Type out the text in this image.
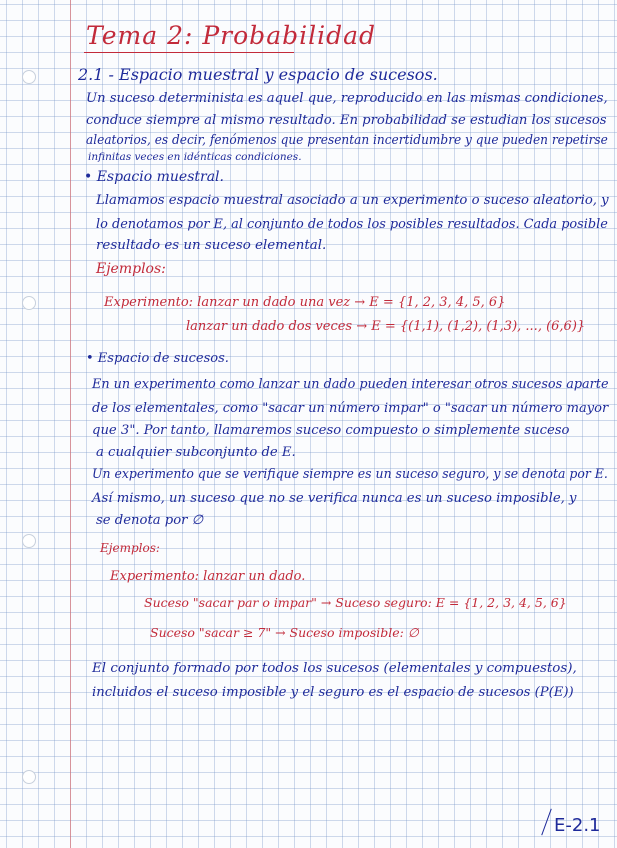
Tema 2: Probabilidad
2.1 - Espacio muestral y espacio de sucesos.
Un suceso determinista es aquel que, reproducido en las mismas condiciones,
conduce siempre al mismo resultado. En probabilidad se estudian los sucesos
aleatorios, es decir, fenómenos que presentan incertidumbre y que pueden repetirse
infinitas veces en idénticas condiciones.
• Espacio muestral.
Llamamos espacio muestral asociado a un experimento o suceso aleatorio, y
lo denotamos por E, al conjunto de todos los posibles resultados. Cada posible
resultado es un suceso elemental.
Ejemplos:
Experimento: lanzar un dado una vez → E = {1, 2, 3, 4, 5, 6}
lanzar un dado dos veces → E = {(1,1), (1,2), (1,3), ..., (6,6)}
• Espacio de sucesos.
En un experimento como lanzar un dado pueden interesar otros sucesos aparte
de los elementales, como "sacar un número impar" o "sacar un número mayor
que 3". Por tanto, llamaremos suceso compuesto o simplemente suceso
a cualquier subconjunto de E.
Un experimento que se verifique siempre es un suceso seguro, y se denota por E.
Así mismo, un suceso que no se verifica nunca es un suceso imposible, y
se denota por ∅
Ejemplos:
Experimento: lanzar un dado.
Suceso "sacar par o impar" → Suceso seguro: E = {1, 2, 3, 4, 5, 6}
Suceso "sacar ≥ 7" → Suceso imposible: ∅
El conjunto formado por todos los sucesos (elementales y compuestos),
incluidos el suceso imposible y el seguro es el espacio de sucesos (P(E))
E-2.1
